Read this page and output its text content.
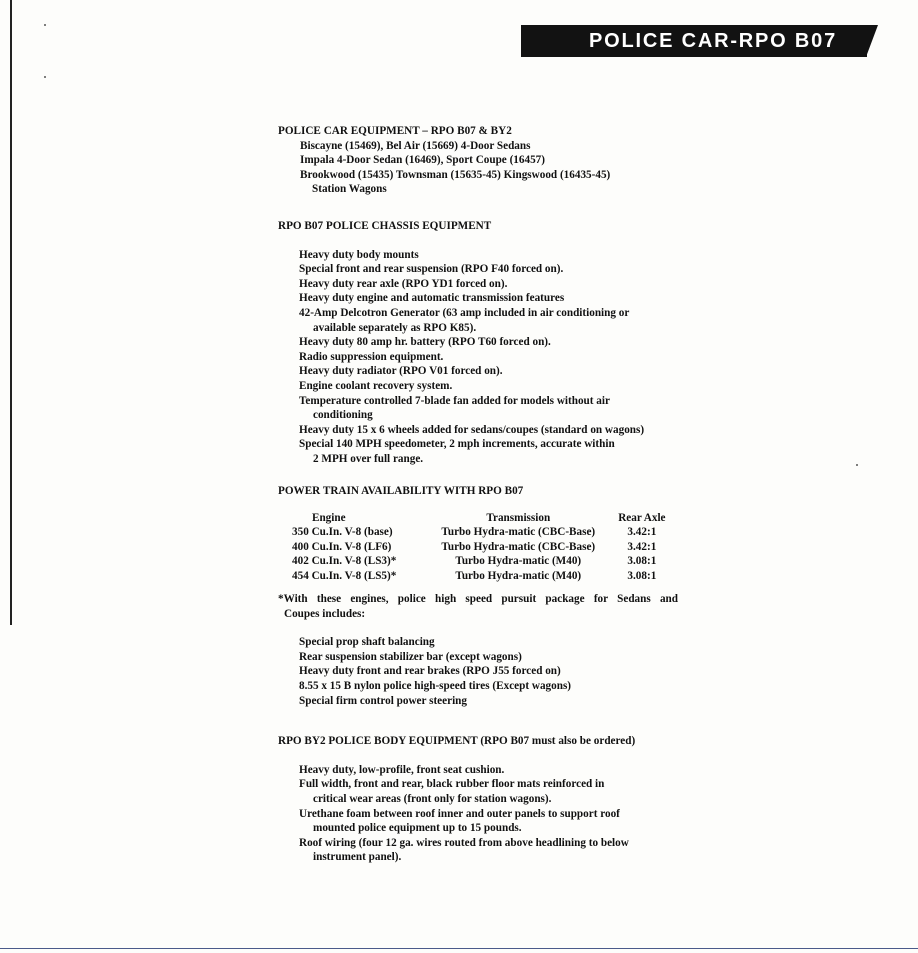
POLICE CAR-RPO B07
POLICE CAR EQUIPMENT – RPO B07 & BY2
Biscayne (15469), Bel Air (15669) 4-Door Sedans
Impala 4-Door Sedan (16469), Sport Coupe (16457)
Brookwood (15435) Townsman (15635-45) Kingswood (16435-45)
Station Wagons
RPO B07 POLICE CHASSIS EQUIPMENT
Heavy duty body mounts
Special front and rear suspension (RPO F40 forced on).
Heavy duty rear axle (RPO YD1 forced on).
Heavy duty engine and automatic transmission features
42-Amp Delcotron Generator (63 amp included in air conditioning or
available separately as RPO K85).
Heavy duty 80 amp hr. battery (RPO T60 forced on).
Radio suppression equipment.
Heavy duty radiator (RPO V01 forced on).
Engine coolant recovery system.
Temperature controlled 7-blade fan added for models without air
conditioning
Heavy duty 15 x 6 wheels added for sedans/coupes (standard on wagons)
Special 140 MPH speedometer, 2 mph increments, accurate within
2 MPH over full range.
POWER TRAIN AVAILABILITY WITH RPO B07
Engine	Transmission	Rear Axle
350 Cu.In. V-8 (base)	Turbo Hydra-matic (CBC-Base)	3.42:1
400 Cu.In. V-8 (LF6)	Turbo Hydra-matic (CBC-Base)	3.42:1
402 Cu.In. V-8 (LS3)*	Turbo Hydra-matic (M40)	3.08:1
454 Cu.In. V-8 (LS5)*	Turbo Hydra-matic (M40)	3.08:1
*With these engines, police high speed pursuit package for Sedans and
Coupes includes:
Special prop shaft balancing
Rear suspension stabilizer bar (except wagons)
Heavy duty front and rear brakes (RPO J55 forced on)
8.55 x 15 B nylon police high-speed tires (Except wagons)
Special firm control power steering
RPO BY2 POLICE BODY EQUIPMENT (RPO B07 must also be ordered)
Heavy duty, low-profile, front seat cushion.
Full width, front and rear, black rubber floor mats reinforced in
critical wear areas (front only for station wagons).
Urethane foam between roof inner and outer panels to support roof
mounted police equipment up to 15 pounds.
Roof wiring (four 12 ga. wires routed from above headlining to below
instrument panel).
